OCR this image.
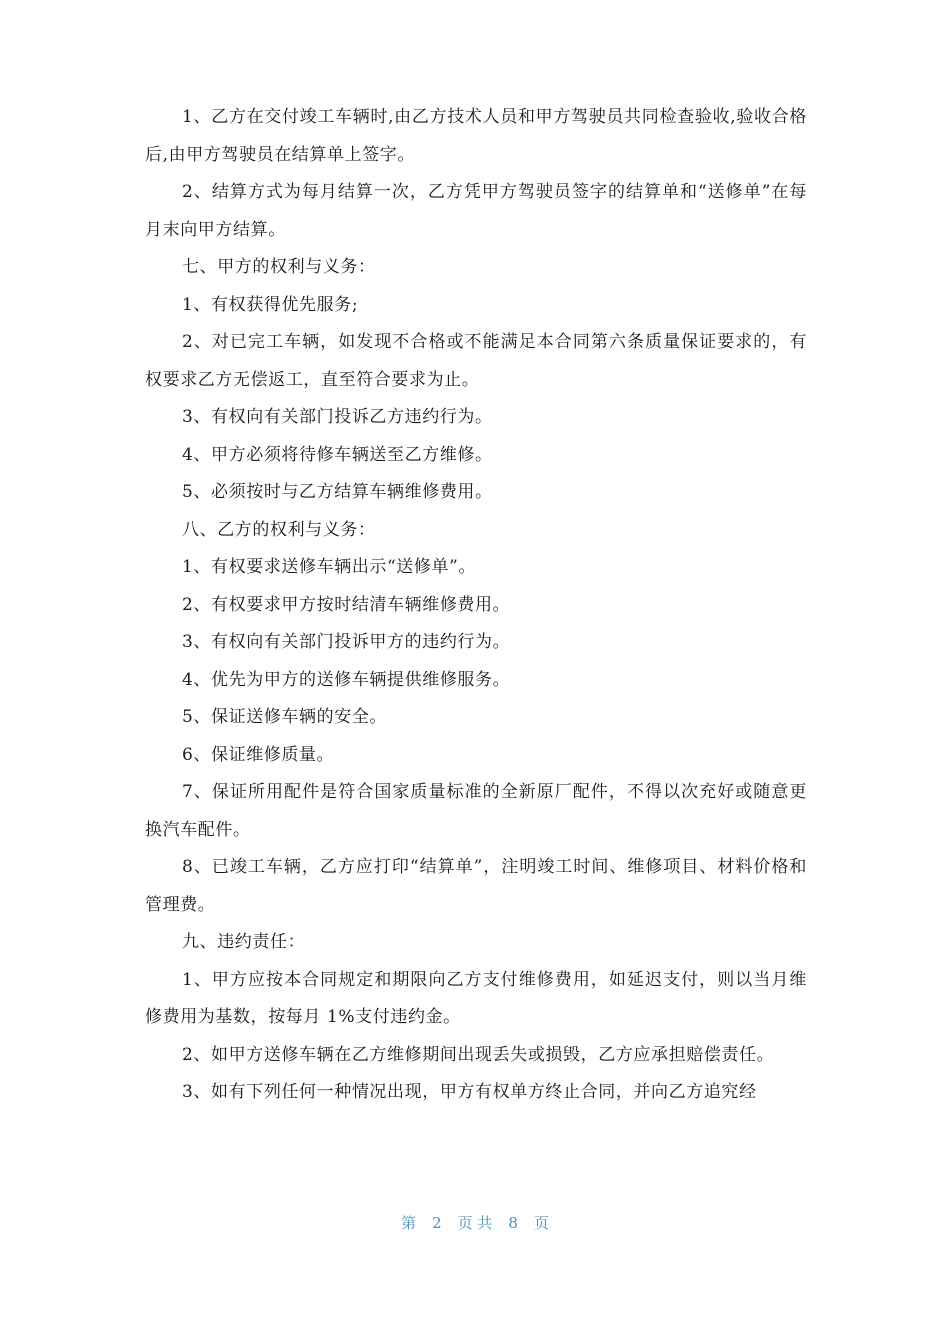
1、乙方在交付竣工车辆时,由乙方技术人员和甲方驾驶员共同检查验收,验收合格后,由甲方驾驶员在结算单上签字。

2、结算方式为每月结算一次，乙方凭甲方驾驶员签字的结算单和“送修单”在每月末向甲方结算。

七、甲方的权利与义务：

1、有权获得优先服务;

2、对已完工车辆，如发现不合格或不能满足本合同第六条质量保证要求的，有权要求乙方无偿返工，直至符合要求为止。

3、有权向有关部门投诉乙方违约行为。

4、甲方必须将待修车辆送至乙方维修。

5、必须按时与乙方结算车辆维修费用。

八、乙方的权利与义务：

1、有权要求送修车辆出示“送修单”。

2、有权要求甲方按时结清车辆维修费用。

3、有权向有关部门投诉甲方的违约行为。

4、优先为甲方的送修车辆提供维修服务。

5、保证送修车辆的安全。

6、保证维修质量。

7、保证所用配件是符合国家质量标准的全新原厂配件，不得以次充好或随意更换汽车配件。

8、已竣工车辆，乙方应打印“结算单”，注明竣工时间、维修项目、材料价格和管理费。

九、违约责任：

1、甲方应按本合同规定和期限向乙方支付维修费用，如延迟支付，则以当月维修费用为基数，按每月 1%支付违约金。

2、如甲方送修车辆在乙方维修期间出现丢失或损毁，乙方应承担赔偿责任。

3、如有下列任何一种情况出现，甲方有权单方终止合同，并向乙方追究经

第 2 页 共 8 页
